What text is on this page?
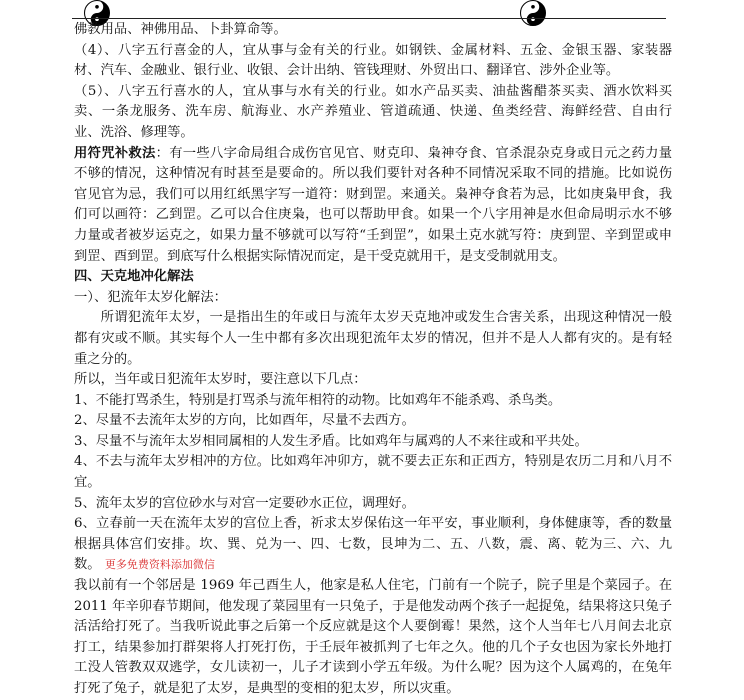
佛教用品、神佛用品、卜卦算命等。

（4）、八字五行喜金的人，宜从事与金有关的行业。如钢铁、金属材料、五金、金银玉器、家装器材、汽车、金融业、银行业、收银、会计出纳、管钱理财、外贸出口、翻译官、涉外企业等。

（5）、八字五行喜水的人，宜从事与水有关的行业。如水产品买卖、油盐酱醋茶买卖、酒水饮料买卖、一条龙服务、洗车房、航海业、水产养殖业、管道疏通、快递、鱼类经营、海鲜经营、自由行业、洗浴、修理等。

用符咒补救法：有一些八字命局组合成伤官见官、财克印、枭神夺食、官杀混杂克身或日元之药力量不够的情况，这种情况有时甚至是要命的。所以我们要针对各种不同情况采取不同的措施。比如说伤官见官为忌，我们可以用红纸黑字写一道符：财到罡。来通关。枭神夺食若为忌，比如庚枭甲食，我们可以画符：乙到罡。乙可以合住庚枭，也可以帮助甲食。如果一个八字用神是水但命局明示水不够力量或者被岁运克之，如果力量不够就可以写符“壬到罡”，如果土克水就写符：庚到罡、辛到罡或申到罡、酉到罡。到底写什么根据实际情况而定，是干受克就用干，是支受制就用支。

四、天克地冲化解法

一）、犯流年太岁化解法：

所谓犯流年太岁，一是指出生的年或日与流年太岁天克地冲或发生合害关系，出现这种情况一般都有灾或不顺。其实每个人一生中都有多次出现犯流年太岁的情况，但并不是人人都有灾的。是有轻重之分的。

所以，当年或日犯流年太岁时，要注意以下几点：

1、不能打骂杀生，特别是打骂杀与流年相符的动物。比如鸡年不能杀鸡、杀鸟类。

2、尽量不去流年太岁的方向，比如酉年，尽量不去西方。

3、尽量不与流年太岁相同属相的人发生矛盾。比如鸡年与属鸡的人不来往或和平共处。

4、不去与流年太岁相冲的方位。比如鸡年冲卯方，就不要去正东和正西方，特别是农历二月和八月不宜。

5、流年太岁的宫位砂水与对宫一定要砂水正位，调理好。

6、立春前一天在流年太岁的宫位上香，祈求太岁保佑这一年平安，事业顺利，身体健康等，香的数量根据具体宫们安排。坎、巽、兑为一、四、七数，艮坤为二、五、八数，震、离、乾为三、六、九数。 更多免费资料添加微信

我以前有一个邻居是 1969 年己酉生人，他家是私人住宅，门前有一个院子，院子里是个菜园子。在 2011 年辛卯春节期间，他发现了菜园里有一只兔子，于是他发动两个孩子一起捉兔，结果将这只兔子活活给打死了。当我听说此事之后第一个反应就是这个人要倒霉！果然，这个人当年七八月间去北京打工，结果参加打群架将人打死打伤，于壬辰年被抓判了七年之久。他的几个子女也因为家长外地打工没人管教双双逃学，女儿读初一，儿子才读到小学五年级。为什么呢？因为这个人属鸡的，在兔年打死了兔子，就是犯了太岁，是典型的变相的犯太岁，所以灾重。
